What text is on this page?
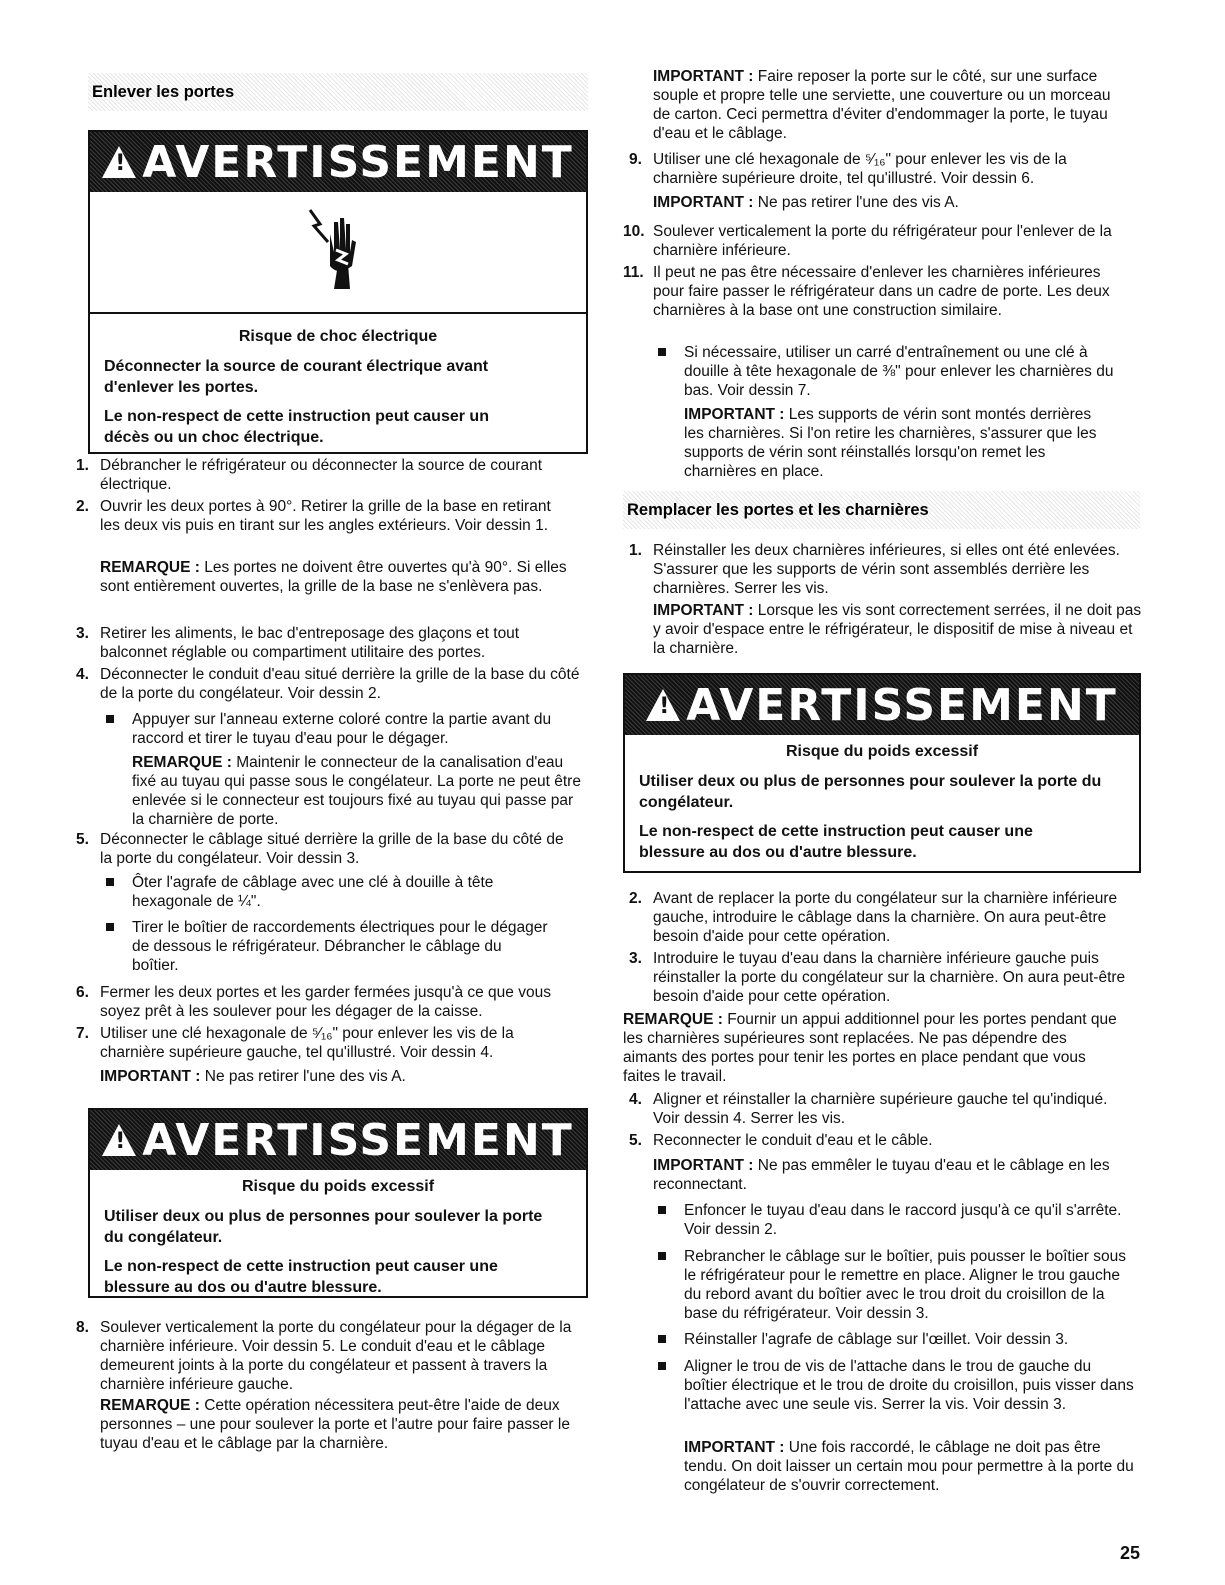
Enlever les portes
! AVERTISSEMENT
Risque de choc électrique

Déconnecter la source de courant électrique avant d'enlever les portes.

Le non-respect de cette instruction peut causer un décès ou un choc électrique.

1. Débrancher le réfrigérateur ou déconnecter la source de courant électrique.
2. Ouvrir les deux portes à 90°. Retirer la grille de la base en retirant les deux vis puis en tirant sur les angles extérieurs. Voir dessin 1.
REMARQUE : Les portes ne doivent être ouvertes qu'à 90°. Si elles sont entièrement ouvertes, la grille de la base ne s'enlèvera pas.
3. Retirer les aliments, le bac d'entreposage des glaçons et tout balconnet réglable ou compartiment utilitaire des portes.
4. Déconnecter le conduit d'eau situé derrière la grille de la base du côté de la porte du congélateur. Voir dessin 2.
Appuyer sur l'anneau externe coloré contre la partie avant du raccord et tirer le tuyau d'eau pour le dégager.
REMARQUE : Maintenir le connecteur de la canalisation d'eau fixé au tuyau qui passe sous le congélateur. La porte ne peut être enlevée si le connecteur est toujours fixé au tuyau qui passe par la charnière de porte.
5. Déconnecter le câblage situé derrière la grille de la base du côté de la porte du congélateur. Voir dessin 3.
Ôter l'agrafe de câblage avec une clé à douille à tête hexagonale de ¼".
Tirer le boîtier de raccordements électriques pour le dégager de dessous le réfrigérateur. Débrancher le câblage du boîtier.
6. Fermer les deux portes et les garder fermées jusqu'à ce que vous soyez prêt à les soulever pour les dégager de la caisse.
7. Utiliser une clé hexagonale de ⁵⁄₁₆" pour enlever les vis de la charnière supérieure gauche, tel qu'illustré. Voir dessin 4.
IMPORTANT : Ne pas retirer l'une des vis A.
! AVERTISSEMENT
Risque du poids excessif

Utiliser deux ou plus de personnes pour soulever la porte du congélateur.

Le non-respect de cette instruction peut causer une blessure au dos ou d'autre blessure.

8. Soulever verticalement la porte du congélateur pour la dégager de la charnière inférieure. Voir dessin 5. Le conduit d'eau et le câblage demeurent joints à la porte du congélateur et passent à travers la charnière inférieure gauche.
REMARQUE : Cette opération nécessitera peut-être l'aide de deux personnes – une pour soulever la porte et l'autre pour faire passer le tuyau d'eau et le câblage par la charnière.
IMPORTANT : Faire reposer la porte sur le côté, sur une surface souple et propre telle une serviette, une couverture ou un morceau de carton. Ceci permettra d'éviter d'endommager la porte, le tuyau d'eau et le câblage.
9. Utiliser une clé hexagonale de ⁵⁄₁₆" pour enlever les vis de la charnière supérieure droite, tel qu'illustré. Voir dessin 6.
IMPORTANT : Ne pas retirer l'une des vis A.
10. Soulever verticalement la porte du réfrigérateur pour l'enlever de la charnière inférieure.
11. Il peut ne pas être nécessaire d'enlever les charnières inférieures pour faire passer le réfrigérateur dans un cadre de porte. Les deux charnières à la base ont une construction similaire.
Si nécessaire, utiliser un carré d'entraînement ou une clé à douille à tête hexagonale de ⅜" pour enlever les charnières du bas. Voir dessin 7.
IMPORTANT : Les supports de vérin sont montés derrières les charnières. Si l'on retire les charnières, s'assurer que les supports de vérin sont réinstallés lorsqu'on remet les charnières en place.
Remplacer les portes et les charnières
1. Réinstaller les deux charnières inférieures, si elles ont été enlevées. S'assurer que les supports de vérin sont assemblés derrière les charnières. Serrer les vis.
IMPORTANT : Lorsque les vis sont correctement serrées, il ne doit pas y avoir d'espace entre le réfrigérateur, le dispositif de mise à niveau et la charnière.
! AVERTISSEMENT
Risque du poids excessif

Utiliser deux ou plus de personnes pour soulever la porte du congélateur.

Le non-respect de cette instruction peut causer une blessure au dos ou d'autre blessure.

2. Avant de replacer la porte du congélateur sur la charnière inférieure gauche, introduire le câblage dans la charnière. On aura peut-être besoin d'aide pour cette opération.
3. Introduire le tuyau d'eau dans la charnière inférieure gauche puis réinstaller la porte du congélateur sur la charnière. On aura peut-être besoin d'aide pour cette opération.
REMARQUE : Fournir un appui additionnel pour les portes pendant que les charnières supérieures sont replacées. Ne pas dépendre des aimants des portes pour tenir les portes en place pendant que vous faites le travail.
4. Aligner et réinstaller la charnière supérieure gauche tel qu'indiqué. Voir dessin 4. Serrer les vis.
5. Reconnecter le conduit d'eau et le câble.
IMPORTANT : Ne pas emmêler le tuyau d'eau et le câblage en les reconnectant.
Enfoncer le tuyau d'eau dans le raccord jusqu'à ce qu'il s'arrête. Voir dessin 2.
Rebrancher le câblage sur le boîtier, puis pousser le boîtier sous le réfrigérateur pour le remettre en place. Aligner le trou gauche du rebord avant du boîtier avec le trou droit du croisillon de la base du réfrigérateur. Voir dessin 3.
Réinstaller l'agrafe de câblage sur l'œillet. Voir dessin 3.
Aligner le trou de vis de l'attache dans le trou de gauche du boîtier électrique et le trou de droite du croisillon, puis visser dans l'attache avec une seule vis. Serrer la vis. Voir dessin 3.
IMPORTANT : Une fois raccordé, le câblage ne doit pas être tendu. On doit laisser un certain mou pour permettre à la porte du congélateur de s'ouvrir correctement.
25
